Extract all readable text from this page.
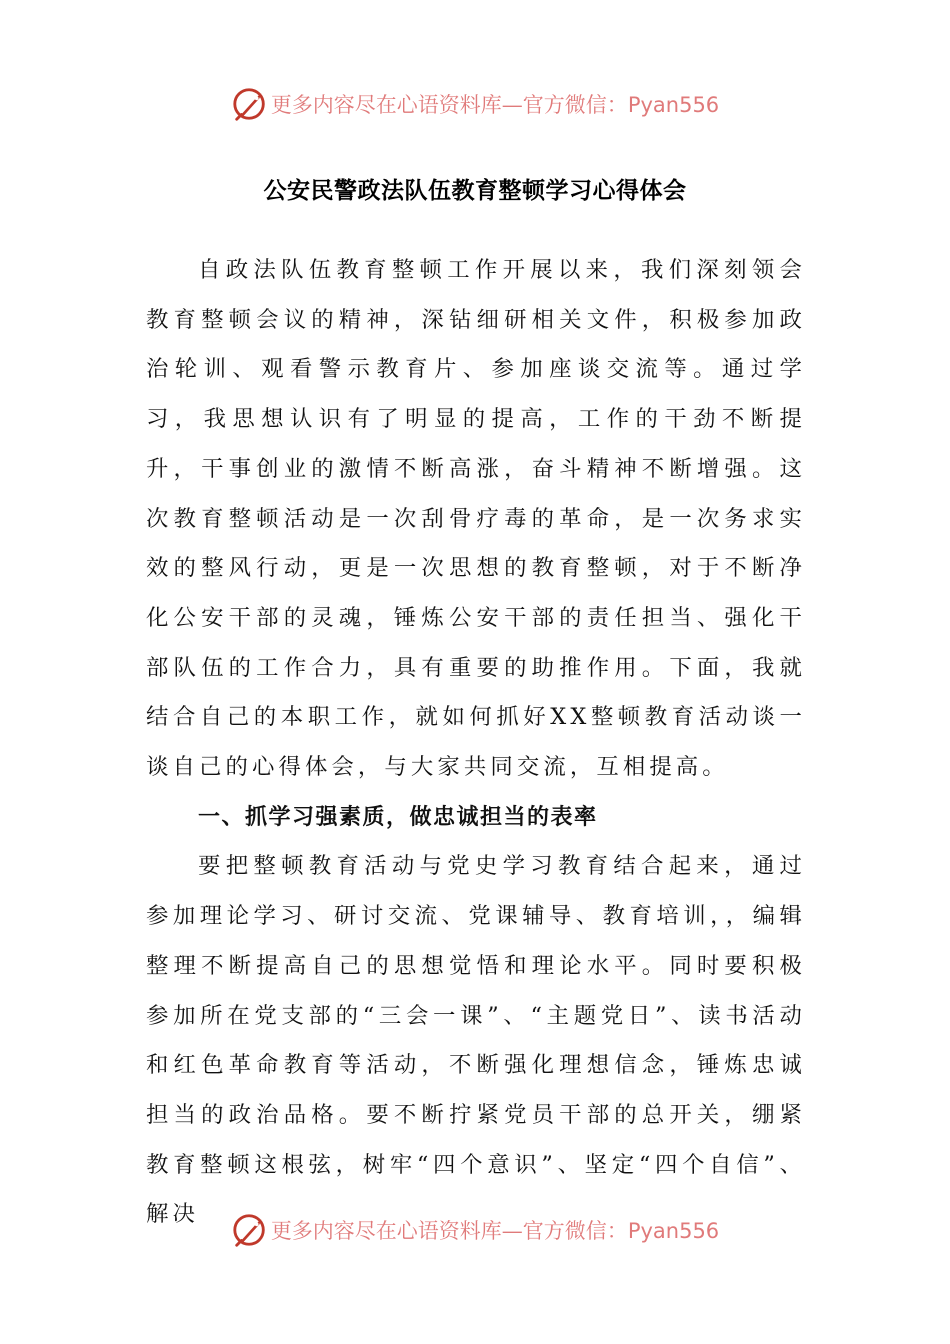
更多内容尽在心语资料库—官方微信：Pyan556
公安民警政法队伍教育整顿学习心得体会

自政法队伍教育整顿工作开展以来，我们深刻领会教育整顿会议的精神，深钻细研相关文件，积极参加政治轮训、观看警示教育片、参加座谈交流等。通过学习，我思想认识有了明显的提高，工作的干劲不断提升，干事创业的激情不断高涨，奋斗精神不断增强。这次教育整顿活动是一次刮骨疗毒的革命，是一次务求实效的整风行动，更是一次思想的教育整顿，对于不断净化公安干部的灵魂，锤炼公安干部的责任担当、强化干部队伍的工作合力，具有重要的助推作用。下面，我就结合自己的本职工作，就如何抓好XX整顿教育活动谈一谈自己的心得体会，与大家共同交流，互相提高。

一、抓学习强素质，做忠诚担当的表率

要把整顿教育活动与党史学习教育结合起来，通过参加理论学习、研讨交流、党课辅导、教育培训，，编辑整理不断提高自己的思想觉悟和理论水平。同时要积极参加所在党支部的“三会一课”、“主题党日”、读书活动和红色革命教育等活动，不断强化理想信念，锤炼忠诚担当的政治品格。要不断拧紧党员干部的总开关，绷紧教育整顿这根弦，树牢“四个意识”、坚定“四个自信”、解决

更多内容尽在心语资料库—官方微信：Pyan556
